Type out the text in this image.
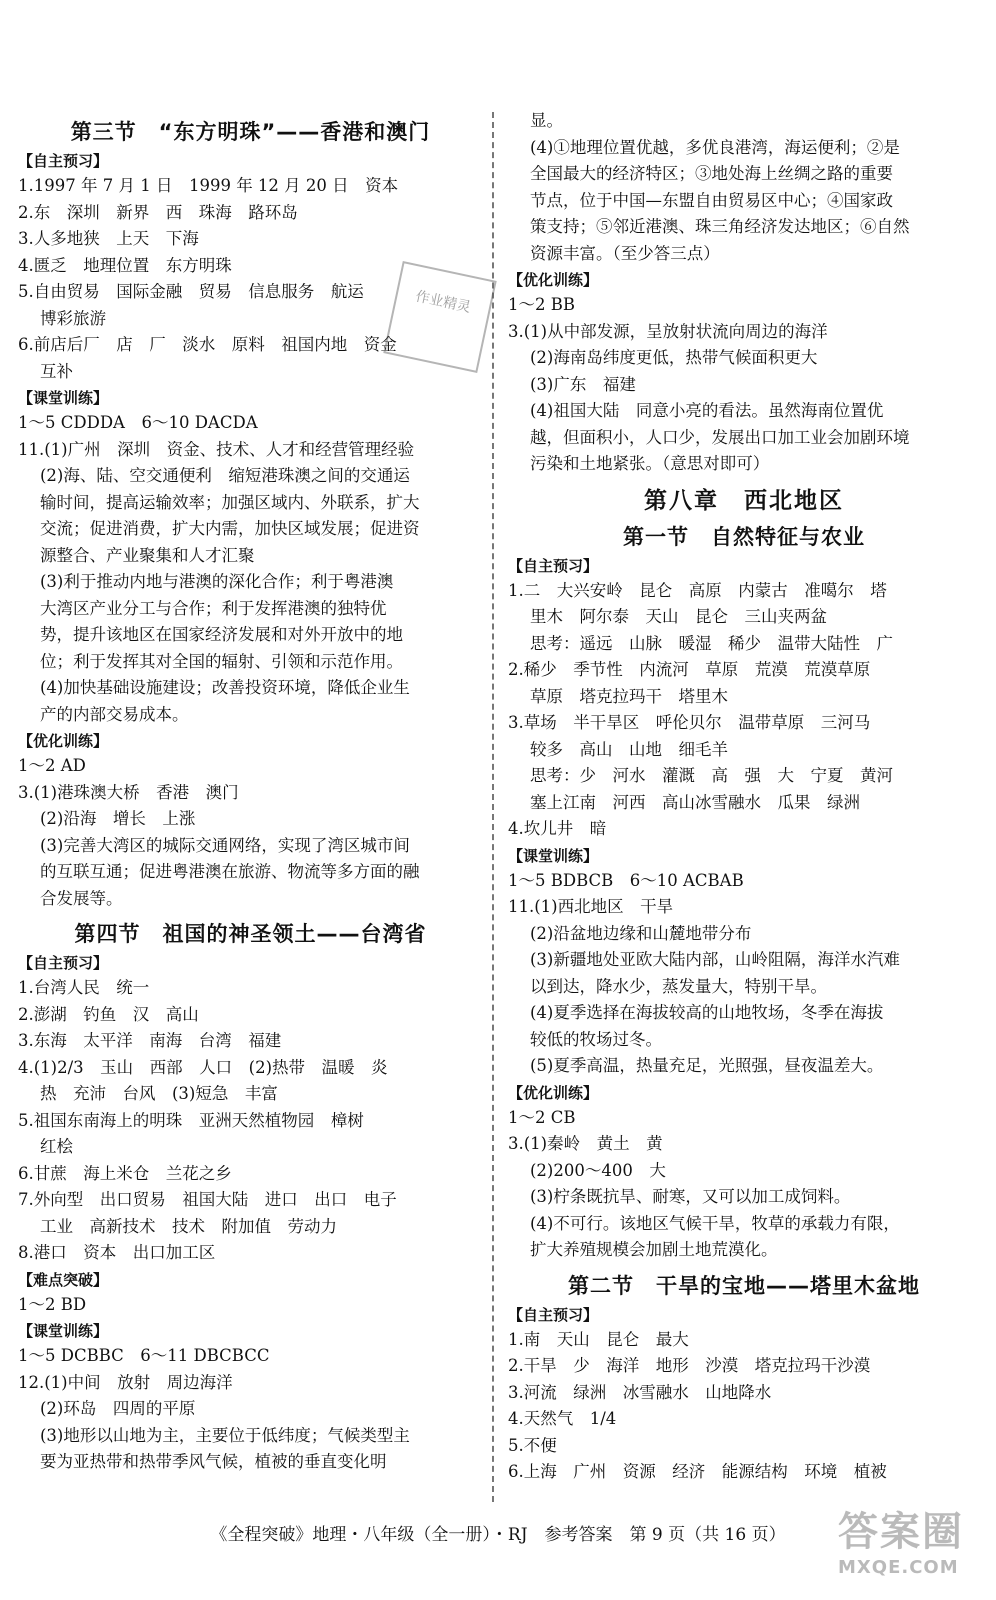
第三节　“东方明珠”——香港和澳门
【自主预习】
1.1997 年 7 月 1 日　1999 年 12 月 20 日　资本
2.东　深圳　新界　西　珠海　路环岛
3.人多地狭　上天　下海
4.匮乏　地理位置　东方明珠
5.自由贸易　国际金融　贸易　信息服务　航运
博彩旅游
6.前店后厂　店　厂　淡水　原料　祖国内地　资金
互补
【课堂训练】
1～5 CDDDA　6～10 DACDA
11.(1)广州　深圳　资金、技术、人才和经营管理经验
(2)海、陆、空交通便利　缩短港珠澳之间的交通运
输时间，提高运输效率；加强区域内、外联系，扩大
交流；促进消费，扩大内需，加快区域发展；促进资
源整合、产业聚集和人才汇聚
(3)利于推动内地与港澳的深化合作；利于粤港澳
大湾区产业分工与合作；利于发挥港澳的独特优
势，提升该地区在国家经济发展和对外开放中的地
位；利于发挥其对全国的辐射、引领和示范作用。
(4)加快基础设施建设；改善投资环境，降低企业生
产的内部交易成本。
【优化训练】
1～2 AD
3.(1)港珠澳大桥　香港　澳门
(2)沿海　增长　上涨
(3)完善大湾区的城际交通网络，实现了湾区城市间
的互联互通；促进粤港澳在旅游、物流等多方面的融
合发展等。
第四节　祖国的神圣领土——台湾省
【自主预习】
1.台湾人民　统一
2.澎湖　钓鱼　汉　高山
3.东海　太平洋　南海　台湾　福建
4.(1)2/3　玉山　西部　人口　(2)热带　温暖　炎
热　充沛　台风　(3)短急　丰富
5.祖国东南海上的明珠　亚洲天然植物园　樟树
红桧
6.甘蔗　海上米仓　兰花之乡
7.外向型　出口贸易　祖国大陆　进口　出口　电子
工业　高新技术　技术　附加值　劳动力
8.港口　资本　出口加工区
【难点突破】
1～2 BD
【课堂训练】
1～5 DCBBC　6～11 DBCBCC
12.(1)中间　放射　周边海洋
(2)环岛　四周的平原
(3)地形以山地为主，主要位于低纬度；气候类型主
要为亚热带和热带季风气候，植被的垂直变化明
显。
(4)①地理位置优越，多优良港湾，海运便利；②是
全国最大的经济特区；③地处海上丝绸之路的重要
节点，位于中国—东盟自由贸易区中心；④国家政
策支持；⑤邻近港澳、珠三角经济发达地区；⑥自然
资源丰富。（至少答三点）
【优化训练】
1～2 BB
3.(1)从中部发源，呈放射状流向周边的海洋
(2)海南岛纬度更低，热带气候面积更大
(3)广东　福建
(4)祖国大陆　同意小亮的看法。虽然海南位置优
越，但面积小，人口少，发展出口加工业会加剧环境
污染和土地紧张。（意思对即可）
第八章　西北地区
第一节　自然特征与农业
【自主预习】
1.二　大兴安岭　昆仑　高原　内蒙古　准噶尔　塔
里木　阿尔泰　天山　昆仑　三山夹两盆
思考：遥远　山脉　暖湿　稀少　温带大陆性　广
2.稀少　季节性　内流河　草原　荒漠　荒漠草原
草原　塔克拉玛干　塔里木
3.草场　半干旱区　呼伦贝尔　温带草原　三河马
较多　高山　山地　细毛羊
思考：少　河水　灌溉　高　强　大　宁夏　黄河
塞上江南　河西　高山冰雪融水　瓜果　绿洲
4.坎儿井　暗
【课堂训练】
1～5 BDBCB　6～10 ACBAB
11.(1)西北地区　干旱
(2)沿盆地边缘和山麓地带分布
(3)新疆地处亚欧大陆内部，山岭阻隔，海洋水汽难
以到达，降水少，蒸发量大，特别干旱。
(4)夏季选择在海拔较高的山地牧场，冬季在海拔
较低的牧场过冬。
(5)夏季高温，热量充足，光照强，昼夜温差大。
【优化训练】
1～2 CB
3.(1)秦岭　黄土　黄
(2)200～400　大
(3)柠条既抗旱、耐寒，又可以加工成饲料。
(4)不可行。该地区气候干旱，牧草的承载力有限，
扩大养殖规模会加剧土地荒漠化。
第二节　干旱的宝地——塔里木盆地
【自主预习】
1.南　天山　昆仑　最大
2.干旱　少　海洋　地形　沙漠　塔克拉玛干沙漠
3.河流　绿洲　冰雪融水　山地降水
4.天然气　1/4
5.不便
6.上海　广州　资源　经济　能源结构　环境　植被
作业精灵
《全程突破》地理・八年级（全一册）・RJ　参考答案　第 9 页（共 16 页）	答案圈
MXQE.COM
